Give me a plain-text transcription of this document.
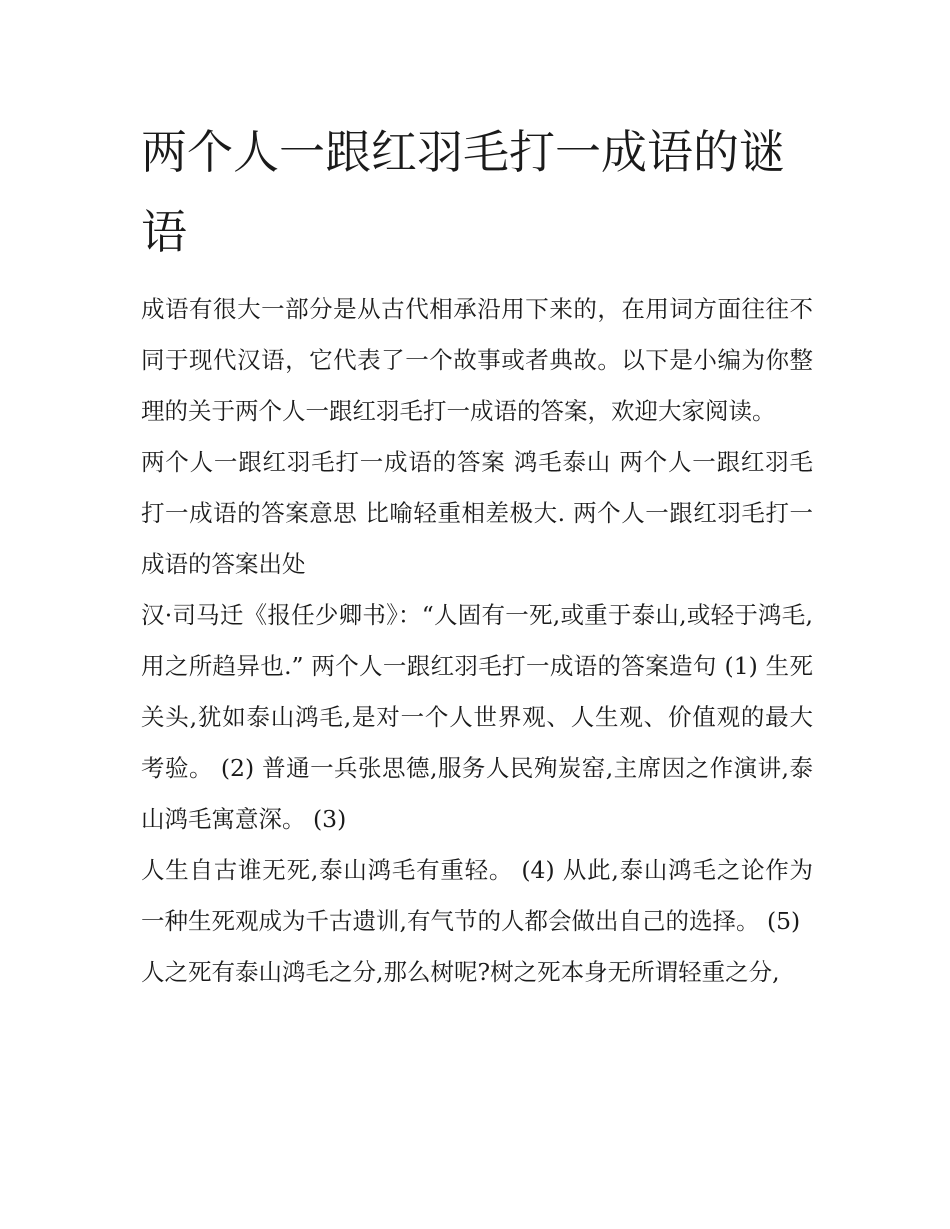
两个人一跟红羽毛打一成语的谜语

成语有很大一部分是从古代相承沿用下来的，在用词方面往往不同于现代汉语，它代表了一个故事或者典故。以下是小编为你整理的关于两个人一跟红羽毛打一成语的答案，欢迎大家阅读。

两个人一跟红羽毛打一成语的答案 鸿毛泰山 两个人一跟红羽毛打一成语的答案意思 比喻轻重相差极大. 两个人一跟红羽毛打一成语的答案出处

汉·司马迁《报任少卿书》：“人固有一死,或重于泰山,或轻于鸿毛,用之所趋异也.” 两个人一跟红羽毛打一成语的答案造句 (1) 生死关头,犹如泰山鸿毛,是对一个人世界观、人生观、价值观的最大考验。 (2) 普通一兵张思德,服务人民殉炭窑,主席因之作演讲,泰山鸿毛寓意深。 (3)

人生自古谁无死,泰山鸿毛有重轻。 (4) 从此,泰山鸿毛之论作为一种生死观成为千古遗训,有气节的人都会做出自己的选择。 (5)

人之死有泰山鸿毛之分,那么树呢?树之死本身无所谓轻重之分,
